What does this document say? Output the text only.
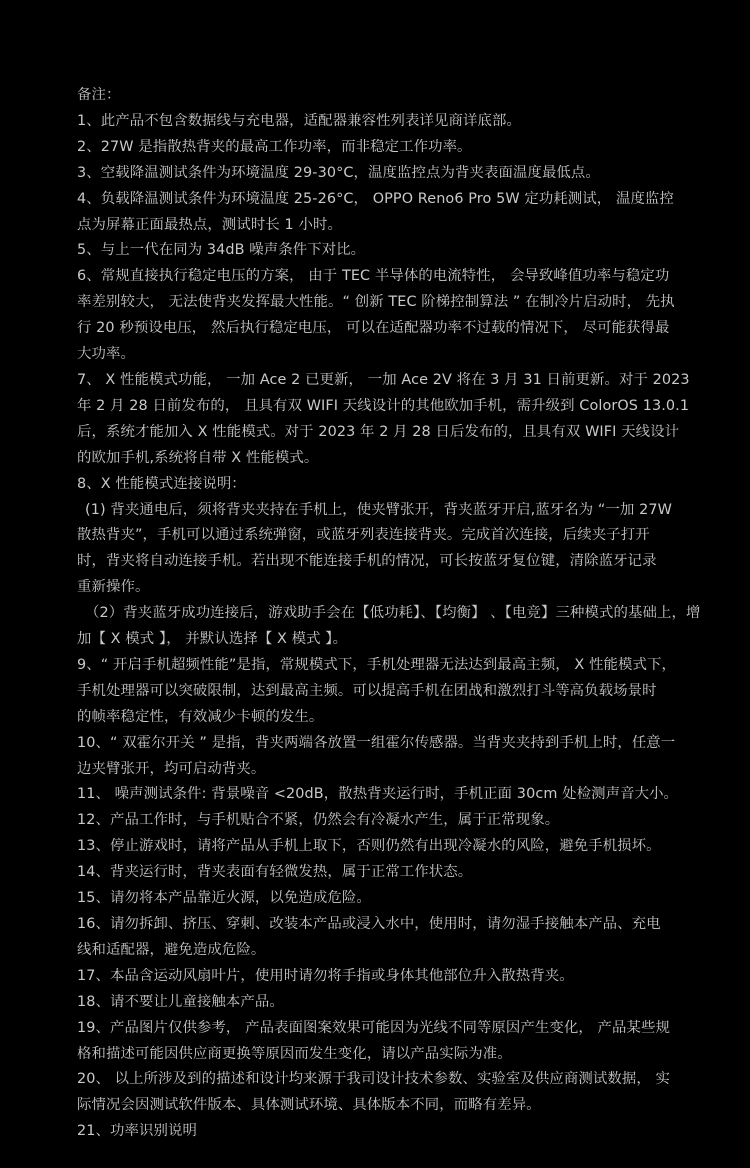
备注：
1、此产品不包含数据线与充电器，适配器兼容性列表详见商详底部。
2、27W 是指散热背夹的最高工作功率，而非稳定工作功率。
3、空载降温测试条件为环境温度 29-30°C，温度监控点为背夹表面温度最低点。
4、负载降温测试条件为环境温度 25-26°C， OPPO Reno6 Pro 5W 定功耗测试， 温度监控
点为屏幕正面最热点，测试时长 1 小时。
5、与上一代在同为 34dB 噪声条件下对比。
6、常规直接执行稳定电压的方案， 由于 TEC 半导体的电流特性， 会导致峰值功率与稳定功
率差别较大， 无法使背夹发挥最大性能。“ 创新 TEC 阶梯控制算法 ” 在制冷片启动时， 先执
行 20 秒预设电压， 然后执行稳定电压， 可以在适配器功率不过载的情况下， 尽可能获得最
大功率。
7、 X 性能模式功能， 一加 Ace 2 已更新， 一加 Ace 2V 将在 3 月 31 日前更新。对于 2023
年 2 月 28 日前发布的， 且具有双 WIFI 天线设计的其他欧加手机，需升级到 ColorOS 13.0.1
后，系统才能加入 X 性能模式。对于 2023 年 2 月 28 日后发布的，且具有双 WIFI 天线设计
的欧加手机,系统将自带 X 性能模式。
8、X 性能模式连接说明：
(1) 背夹通电后，须将背夹夹持在手机上，使夹臂张开，背夹蓝牙开启,蓝牙名为 “一加 27W
散热背夹”，手机可以通过系统弹窗，或蓝牙列表连接背夹。完成首次连接，后续夹子打开
时，背夹将自动连接手机。若出现不能连接手机的情况，可长按蓝牙复位键，清除蓝牙记录
重新操作。
（2）背夹蓝牙成功连接后，游戏助手会在【低功耗】、【均衡】 、【电竞】三种模式的基础上，增
加【 X 模式 】， 并默认选择【 X 模式 】。
9、“ 开启手机超频性能”是指，常规模式下，手机处理器无法达到最高主频， X 性能模式下，
手机处理器可以突破限制，达到最高主频。可以提高手机在团战和激烈打斗等高负载场景时
的帧率稳定性，有效减少卡顿的发生。
10、“ 双霍尔开关 ” 是指，背夹两端各放置一组霍尔传感器。当背夹夹持到手机上时，任意一
边夹臂张开，均可启动背夹。
11、 噪声测试条件: 背景噪音 <20dB，散热背夹运行时，手机正面 30cm 处检测声音大小。
12、产品工作时，与手机贴合不紧，仍然会有冷凝水产生，属于正常现象。
13、停止游戏时，请将产品从手机上取下，否则仍然有出现冷凝水的风险，避免手机损坏。
14、背夹运行时，背夹表面有轻微发热，属于正常工作状态。
15、请勿将本产品靠近火源，以免造成危险。
16、请勿拆卸、挤压、穿刺、改装本产品或浸入水中，使用时，请勿湿手接触本产品、充电
线和适配器，避免造成危险。
17、本品含运动风扇叶片，使用时请勿将手指或身体其他部位升入散热背夹。
18、请不要让儿童接触本产品。
19、产品图片仅供参考， 产品表面图案效果可能因为光线不同等原因产生变化， 产品某些规
格和描述可能因供应商更换等原因而发生变化，请以产品实际为准。
20、 以上所涉及到的描述和设计均来源于我司设计技术参数、实验室及供应商测试数据， 实
际情况会因测试软件版本、具体测试环境、具体版本不同，而略有差异。
21、功率识别说明
